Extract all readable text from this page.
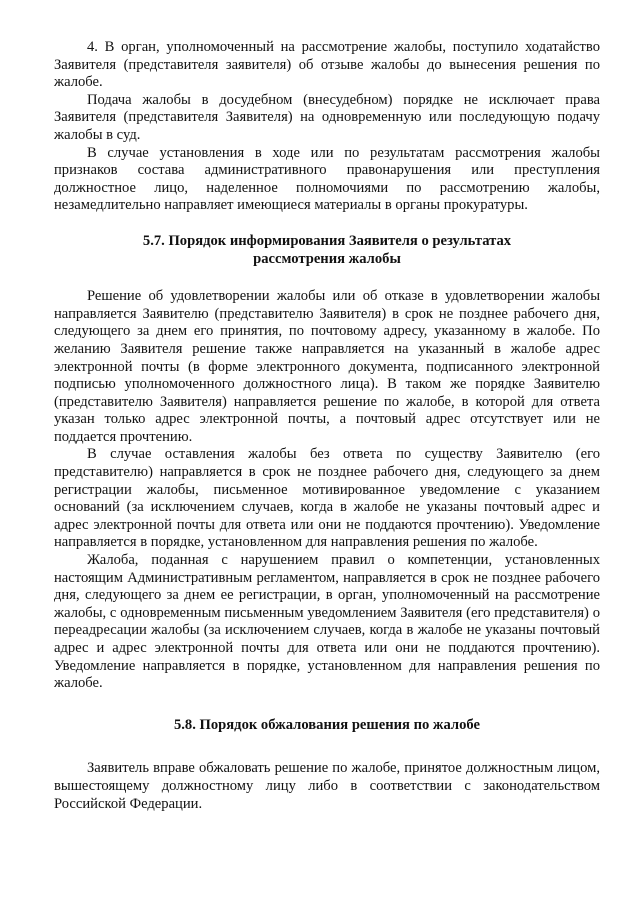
4. В орган, уполномоченный на рассмотрение жалобы, поступило ходатайство Заявителя (представителя заявителя) об отзыве жалобы до вынесения решения по жалобе.

Подача жалобы в досудебном (внесудебном) порядке не исключает права Заявителя (представителя Заявителя) на одновременную или последующую подачу жалобы в суд.

В случае установления в ходе или по результатам рассмотрения жалобы признаков состава административного правонарушения или преступления должностное лицо, наделенное полномочиями по рассмотрению жалобы, незамедлительно направляет имеющиеся материалы в органы прокуратуры.

5.7. Порядок информирования Заявителя о результатах
рассмотрения жалобы

Решение об удовлетворении жалобы или об отказе в удовлетворении жалобы направляется Заявителю (представителю Заявителя) в срок не позднее рабочего дня, следующего за днем его принятия, по почтовому адресу, указанному в жалобе. По желанию Заявителя решение также направляется на указанный в жалобе адрес электронной почты (в форме электронного документа, подписанного электронной подписью уполномоченного должностного лица). В таком же порядке Заявителю (представителю Заявителя) направляется решение по жалобе, в которой для ответа указан только адрес электронной почты, а почтовый адрес отсутствует или не поддается прочтению.

В случае оставления жалобы без ответа по существу Заявителю (его представителю) направляется в срок не позднее рабочего дня, следующего за днем регистрации жалобы, письменное мотивированное уведомление с указанием оснований (за исключением случаев, когда в жалобе не указаны почтовый адрес и адрес электронной почты для ответа или они не поддаются прочтению). Уведомление направляется в порядке, установленном для направления решения по жалобе.

Жалоба, поданная с нарушением правил о компетенции, установленных настоящим Административным регламентом, направляется в срок не позднее рабочего дня, следующего за днем ее регистрации, в орган, уполномоченный на рассмотрение жалобы, с одновременным письменным уведомлением Заявителя (его представителя) о переадресации жалобы (за исключением случаев, когда в жалобе не указаны почтовый адрес и адрес электронной почты для ответа или они не поддаются прочтению). Уведомление направляется в порядке, установленном для направления решения по жалобе.

5.8. Порядок обжалования решения по жалобе

Заявитель вправе обжаловать решение по жалобе, принятое должностным лицом, вышестоящему должностному лицу либо в соответствии с законодательством Российской Федерации.
